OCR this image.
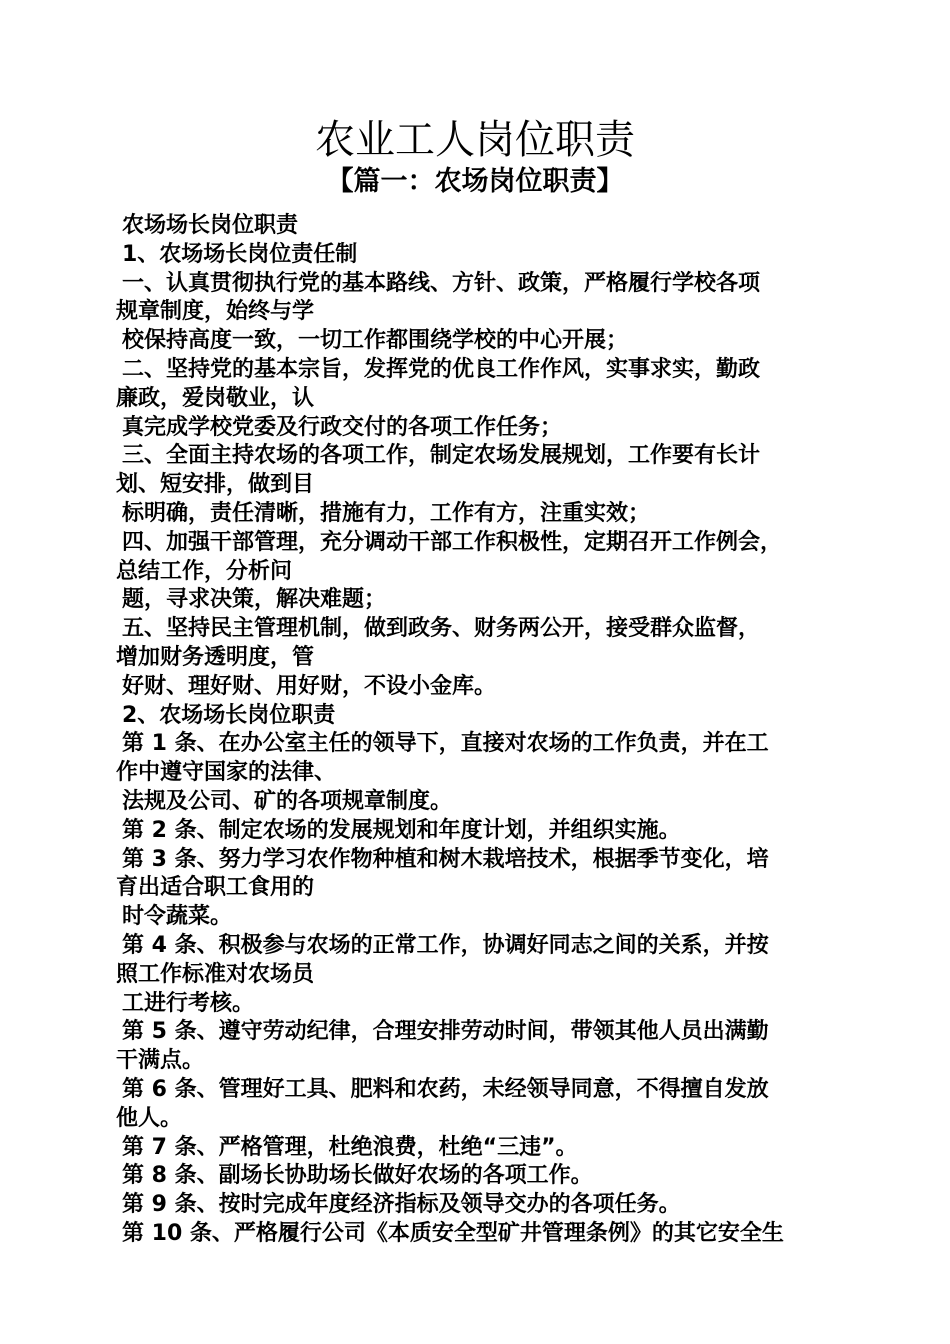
农业工人岗位职责
【篇一：农场岗位职责】
农场场长岗位职责
1、农场场长岗位责任制
一、认真贯彻执行党的基本路线、方针、政策，严格履行学校各项
规章制度，始终与学
校保持高度一致，一切工作都围绕学校的中心开展；
二、坚持党的基本宗旨，发挥党的优良工作作风，实事求实，勤政
廉政，爱岗敬业，认
真完成学校党委及行政交付的各项工作任务；
三、全面主持农场的各项工作，制定农场发展规划，工作要有长计
划、短安排，做到目
标明确，责任清晰，措施有力，工作有方，注重实效；
四、加强干部管理，充分调动干部工作积极性，定期召开工作例会，
总结工作，分析问
题，寻求决策，解决难题；
五、坚持民主管理机制，做到政务、财务两公开，接受群众监督，
增加财务透明度，管
好财、理好财、用好财，不设小金库。
2、农场场长岗位职责
第 1 条、在办公室主任的领导下，直接对农场的工作负责，并在工
作中遵守国家的法律、
法规及公司、矿的各项规章制度。
第 2 条、制定农场的发展规划和年度计划，并组织实施。
第 3 条、努力学习农作物种植和树木栽培技术，根据季节变化，培
育出适合职工食用的
时令蔬菜。
第 4 条、积极参与农场的正常工作，协调好同志之间的关系，并按
照工作标准对农场员
工进行考核。
第 5 条、遵守劳动纪律，合理安排劳动时间，带领其他人员出满勤
干满点。
第 6 条、管理好工具、肥料和农药，未经领导同意，不得擅自发放
他人。
第 7 条、严格管理，杜绝浪费，杜绝“三违”。
第 8 条、副场长协助场长做好农场的各项工作。
第 9 条、按时完成年度经济指标及领导交办的各项任务。
第 10 条、严格履行公司《本质安全型矿井管理条例》的其它安全生
